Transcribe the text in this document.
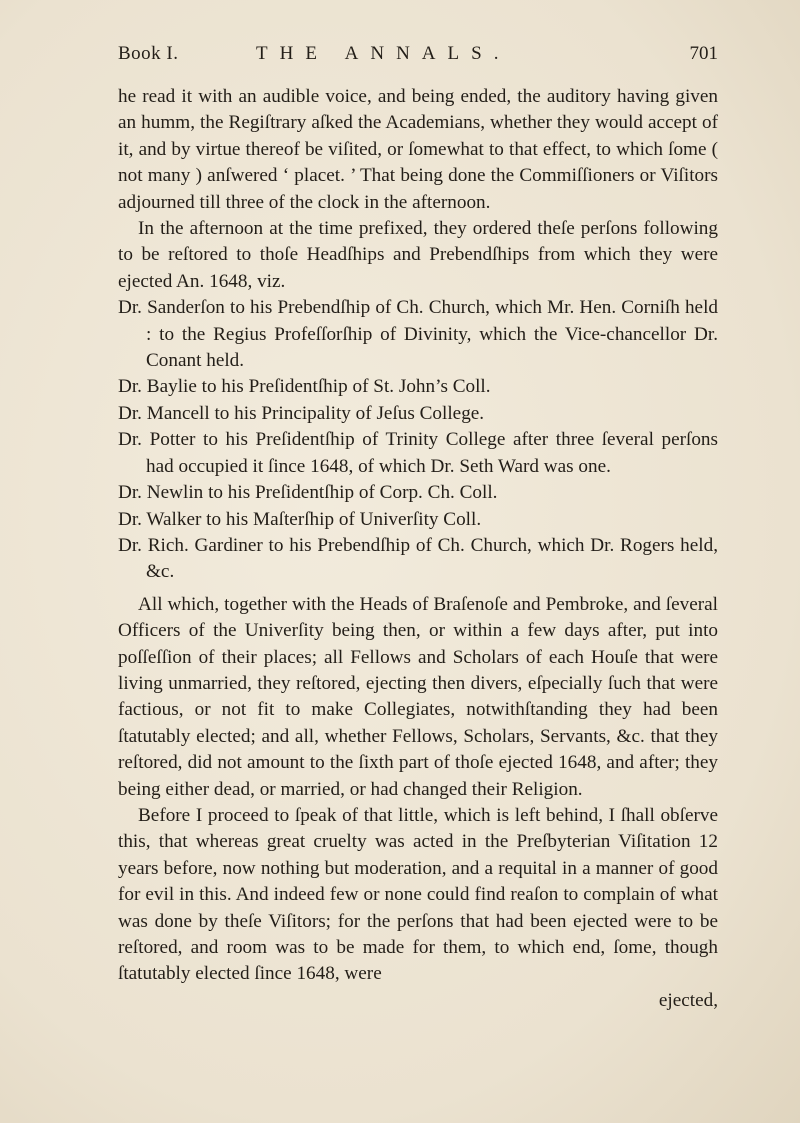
Book I.	THE ANNALS.	701

he read it with an audible voice, and being ended, the auditory having given an humm, the Regiſtrary aſked the Academians, whether they would accept of it, and by virtue thereof be viſited, or ſomewhat to that effect, to which ſome ( not many ) anſwered ‘ placet. ’ That being done the Commiſſioners or Viſitors adjourned till three of the clock in the afternoon.

In the afternoon at the time prefixed, they ordered theſe perſons following to be reſtored to thoſe Headſhips and Prebendſhips from which they were ejected An. 1648, viz.

Dr. Sanderſon to his Prebendſhip of Ch. Church, which Mr. Hen. Corniſh held : to the Regius Profeſſorſhip of Divinity, which the Vice-chancellor Dr. Conant held.

Dr. Baylie to his Preſidentſhip of St. John’s Coll.

Dr. Mancell to his Principality of Jeſus College.

Dr. Potter to his Preſidentſhip of Trinity College after three ſeveral perſons had occupied it ſince 1648, of which Dr. Seth Ward was one.

Dr. Newlin to his Preſidentſhip of Corp. Ch. Coll.

Dr. Walker to his Maſterſhip of Univerſity Coll.

Dr. Rich. Gardiner to his Prebendſhip of Ch. Church, which Dr. Rogers held, &c.

All which, together with the Heads of Braſenoſe and Pembroke, and ſeveral Officers of the Univerſity being then, or within a few days after, put into poſſeſſion of their places; all Fellows and Scholars of each Houſe that were living unmarried, they reſtored, ejecting then divers, eſpecially ſuch that were factious, or not fit to make Collegiates, notwithſtanding they had been ſtatutably elected; and all, whether Fellows, Scholars, Servants, &c. that they reſtored, did not amount to the ſixth part of thoſe ejected 1648, and after; they being either dead, or married, or had changed their Religion.

Before I proceed to ſpeak of that little, which is left behind, I ſhall obſerve this, that whereas great cruelty was acted in the Preſbyterian Viſitation 12 years before, now nothing but moderation, and a requital in a manner of good for evil in this. And indeed few or none could find reaſon to complain of what was done by theſe Viſitors; for the perſons that had been ejected were to be reſtored, and room was to be made for them, to which end, ſome, though ſtatutably elected ſince 1648, were

ejected,
